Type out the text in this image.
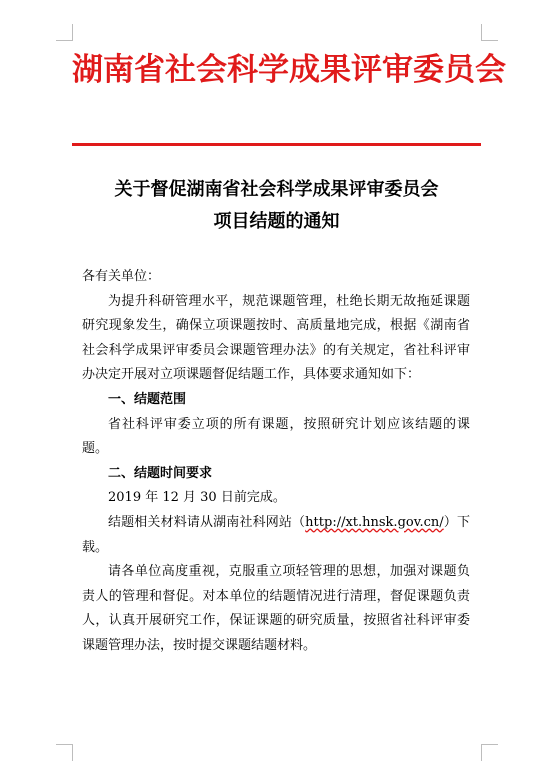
湖南省社会科学成果评审委员会
关于督促湖南省社会科学成果评审委员会
项目结题的通知

各有关单位：

为提升科研管理水平，规范课题管理，杜绝长期无故拖延课题研究现象发生，确保立项课题按时、高质量地完成，根据《湖南省社会科学成果评审委员会课题管理办法》的有关规定，省社科评审办决定开展对立项课题督促结题工作，具体要求通知如下：

一、结题范围

省社科评审委立项的所有课题，按照研究计划应该结题的课题。

二、结题时间要求

2019 年 12 月 30 日前完成。

结题相关材料请从湖南社科网站（http://xt.hnsk.gov.cn/）下载。

请各单位高度重视，克服重立项轻管理的思想，加强对课题负责人的管理和督促。对本单位的结题情况进行清理，督促课题负责人，认真开展研究工作，保证课题的研究质量，按照省社科评审委课题管理办法，按时提交课题结题材料。
